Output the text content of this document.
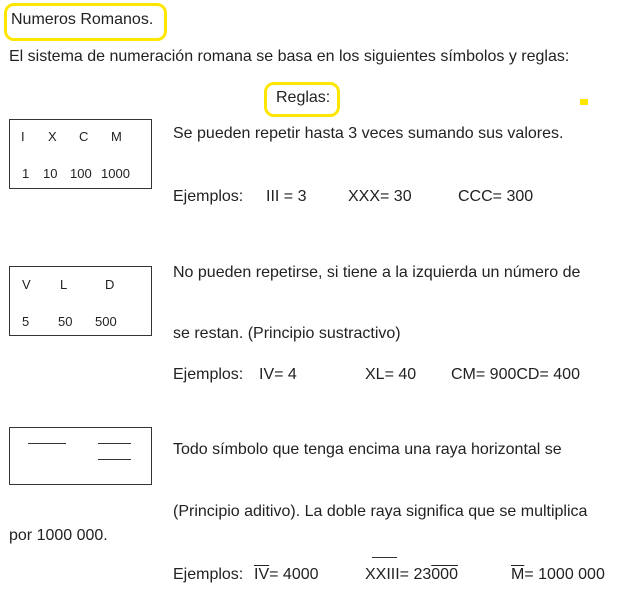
Numeros Romanos.
El sistema de numeración romana se basa en los siguientes símbolos y reglas:
Reglas:
I X C M
1 10 100 1000
Se pueden repetir hasta 3 veces sumando sus valores.
Ejemplos: III = 3	XXX= 30	CCC= 300
V L	D
5 50 500
No pueden repetirse, si tiene a la izquierda un número de
se restan. (Principio sustractivo)
Ejemplos: IV= 4	XL= 40 CM= 900CD= 400
Todo símbolo que tenga encima una raya horizontal se
(Principio aditivo). La doble raya significa que se multiplica
por 1000 000.
Ejemplos: $\overline{IV}= 4000$	XXIII= 23000	$\overline{M}= 1000$ 000
